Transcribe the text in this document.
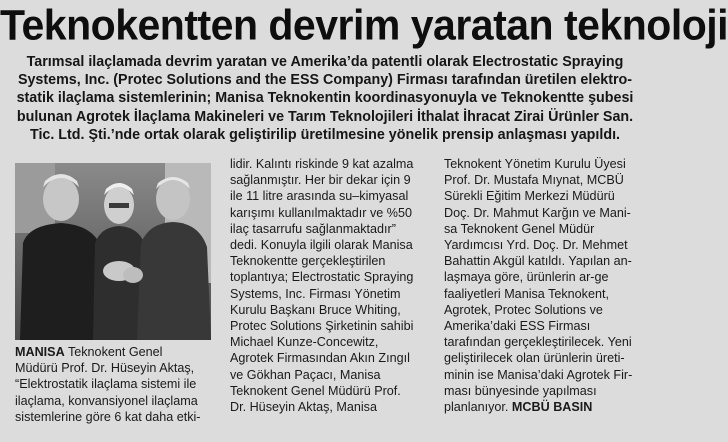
Teknokentten devrim yaratan teknoloji

Tarımsal ilaçlamada devrim yaratan ve Amerika’da patentli olarak Electrostatic Spraying

Systems, Inc. (Protec Solutions and the ESS Company) Firması tarafından üretilen elektro-

statik ilaçlama sistemlerinin; Manisa Teknokentin koordinasyonuyla ve Teknokentte şubesi

bulunan Agrotek İlaçlama Makineleri ve Tarım Teknolojileri İthalat İhracat Zirai Ürünler San.

Tic. Ltd. Şti.’nde ortak olarak geliştirilip üretilmesine yönelik prensip anlaşması yapıldı.

MANISA Teknokent Genel
Müdürü Prof. Dr. Hüseyin Aktaş,
“Elektrostatik ilaçlama sistemi ile
ilaçlama, konvansiyonel ilaçlama
sistemlerine göre 6 kat daha etki-
lidir. Kalıntı riskinde 9 kat azalma
sağlanmıştır. Her bir dekar için 9
ile 11 litre arasında su–kimyasal
karışımı kullanılmaktadır ve %50
ilaç tasarrufu sağlanmaktadır”
dedi. Konuyla ilgili olarak Manisa
Teknokentte gerçekleştirilen
toplantıya; Electrostatic Spraying
Systems, Inc. Firması Yönetim
Kurulu Başkanı Bruce Whiting,
Protec Solutions Şirketinin sahibi
Michael Kunze-Concewitz,
Agrotek Firmasından Akın Zıngıl
ve Gökhan Paçacı, Manisa
Teknokent Genel Müdürü Prof.
Dr. Hüseyin Aktaş, Manisa
Teknokent Yönetim Kurulu Üyesi
Prof. Dr. Mustafa Mıynat, MCBÜ
Sürekli Eğitim Merkezi Müdürü
Doç. Dr. Mahmut Karğın ve Mani-
sa Teknokent Genel Müdür
Yardımcısı Yrd. Doç. Dr. Mehmet
Bahattin Akgül katıldı. Yapılan an-
laşmaya göre, ürünlerin ar-ge
faaliyetleri Manisa Teknokent,
Agrotek, Protec Solutions ve
Amerika’daki ESS Firması
tarafından gerçekleştirilecek. Yeni
geliştirilecek olan ürünlerin üreti-
minin ise Manisa’daki Agrotek Fir-
ması bünyesinde yapılması
planlanıyor. MCBÜ BASIN
